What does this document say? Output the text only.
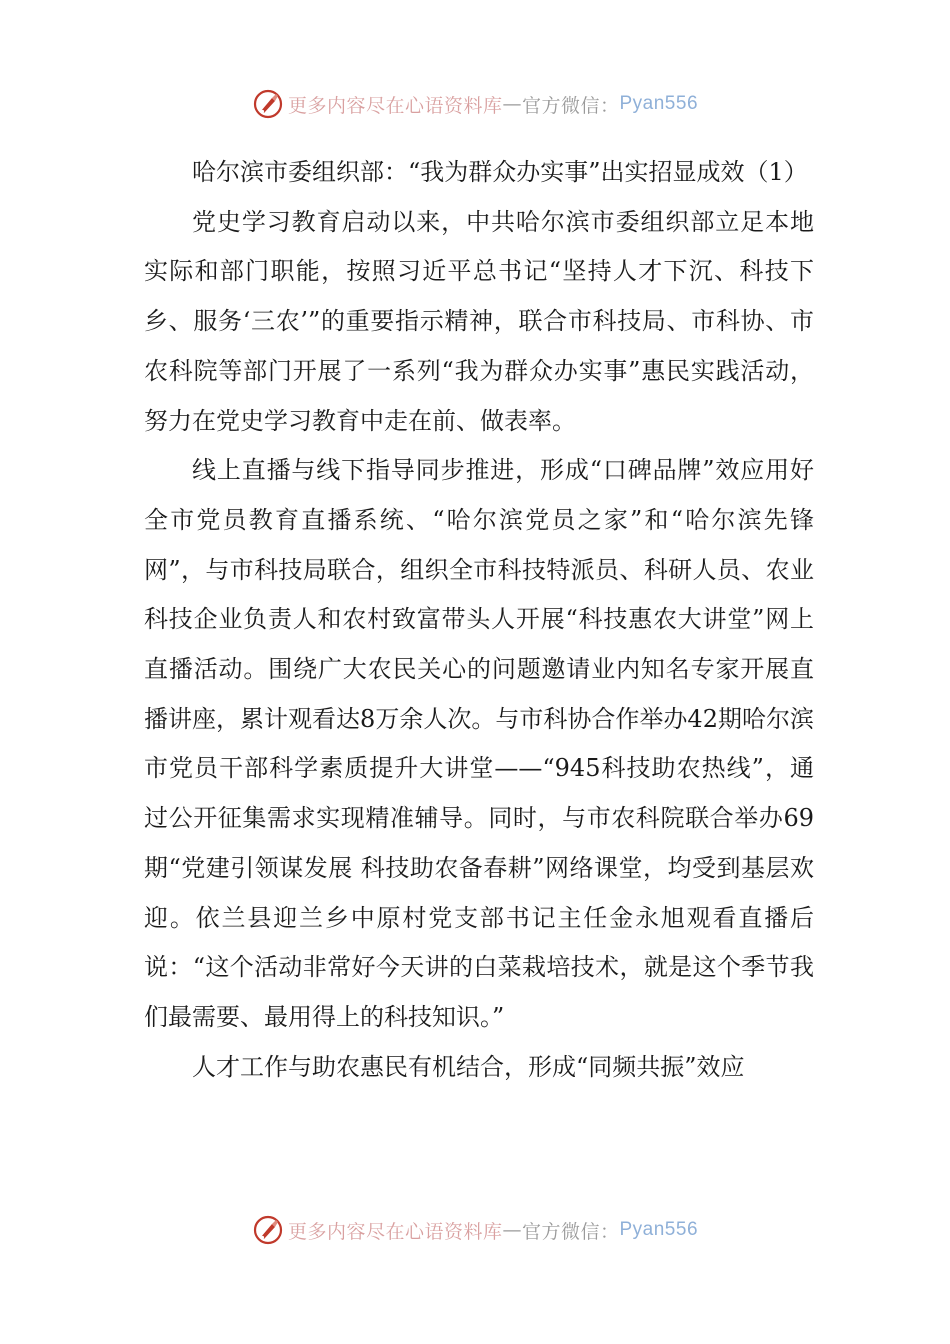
更多内容尽在心语资料库 — 官方微信： Pyan556

哈尔滨市委组织部：“我为群众办实事”出实招显成效（1）

党史学习教育启动以来，中共哈尔滨市委组织部立足本地实际和部门职能，按照习近平总书记“坚持人才下沉、科技下乡、服务‘三农’”的重要指示精神，联合市科技局、市科协、市农科院等部门开展了一系列“我为群众办实事”惠民实践活动，努力在党史学习教育中走在前、做表率。

线上直播与线下指导同步推进，形成“口碑品牌”效应用好全市党员教育直播系统、“哈尔滨党员之家”和“哈尔滨先锋网”，与市科技局联合，组织全市科技特派员、科研人员、农业科技企业负责人和农村致富带头人开展“科技惠农大讲堂”网上直播活动。围绕广大农民关心的问题邀请业内知名专家开展直播讲座，累计观看达8万余人次。与市科协合作举办42期哈尔滨市党员干部科学素质提升大讲堂——“945科技助农热线”，通过公开征集需求实现精准辅导。同时，与市农科院联合举办69期“党建引领谋发展 科技助农备春耕”网络课堂，均受到基层欢迎。依兰县迎兰乡中原村党支部书记主任金永旭观看直播后说：“这个活动非常好今天讲的白菜栽培技术，就是这个季节我们最需要、最用得上的科技知识。”

人才工作与助农惠民有机结合，形成“同频共振”效应

更多内容尽在心语资料库 — 官方微信： Pyan556
